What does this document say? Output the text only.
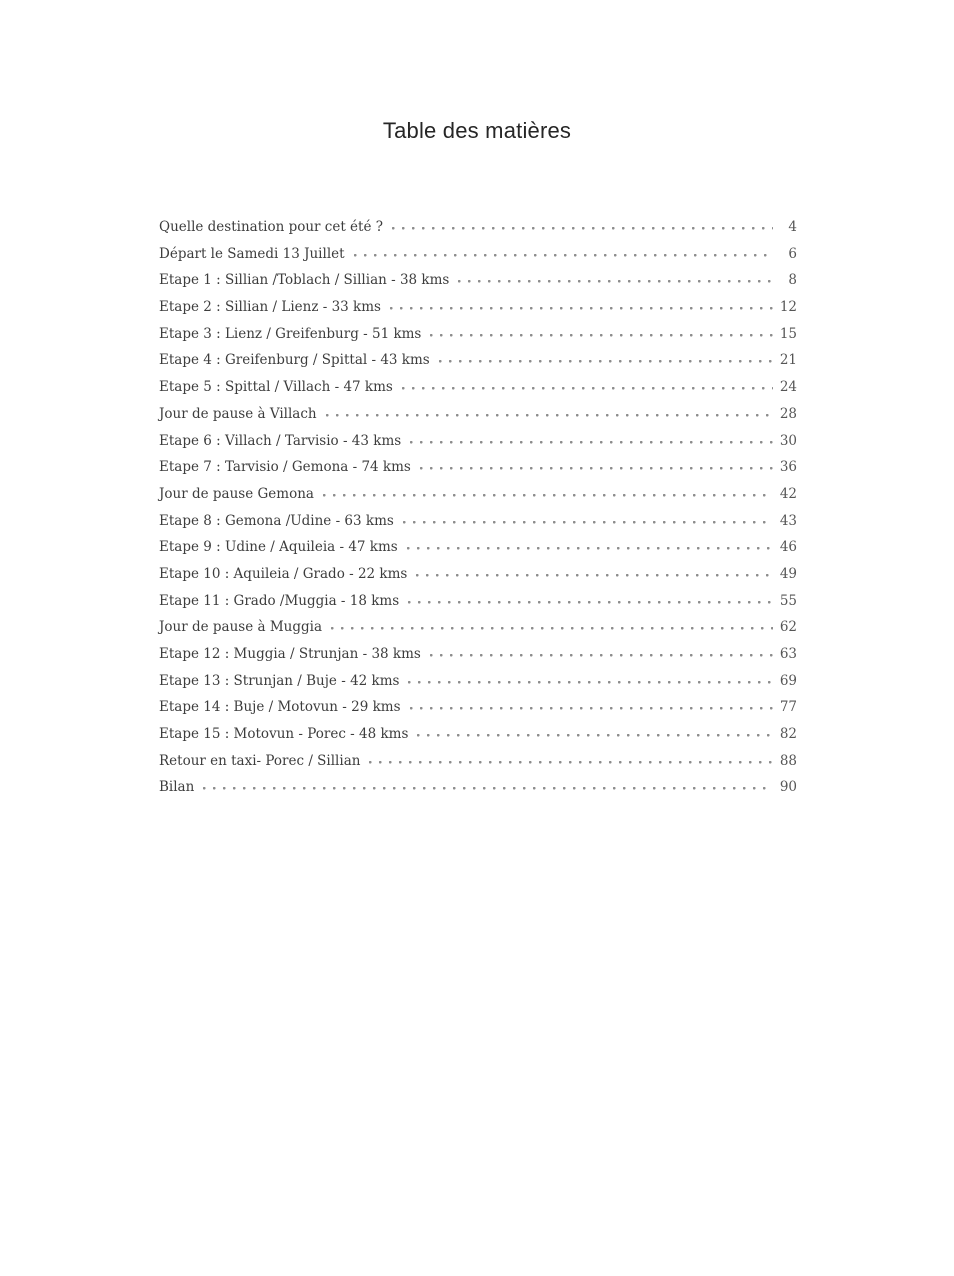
Table des matières
Quelle destination pour cet été ?	4
Départ le Samedi 13 Juillet	6
Etape 1 : Sillian /Toblach / Sillian - 38 kms	8
Etape 2 : Sillian / Lienz - 33 kms	12
Etape 3 : Lienz / Greifenburg - 51 kms	15
Etape 4 : Greifenburg / Spittal - 43 kms	21
Etape 5 : Spittal / Villach - 47 kms	24
Jour de pause à Villach	28
Etape 6 : Villach / Tarvisio - 43 kms	30
Etape 7 : Tarvisio / Gemona - 74 kms	36
Jour de pause Gemona	42
Etape 8 : Gemona /Udine - 63 kms	43
Etape 9 : Udine / Aquileia - 47 kms	46
Etape 10 : Aquileia / Grado - 22 kms	49
Etape 11 : Grado /Muggia - 18 kms	55
Jour de pause à Muggia	62
Etape 12 : Muggia / Strunjan - 38 kms	63
Etape 13 : Strunjan / Buje - 42 kms	69
Etape 14 : Buje / Motovun - 29 kms	77
Etape 15 : Motovun - Porec - 48 kms	82
Retour en taxi- Porec / Sillian	88
Bilan	90
